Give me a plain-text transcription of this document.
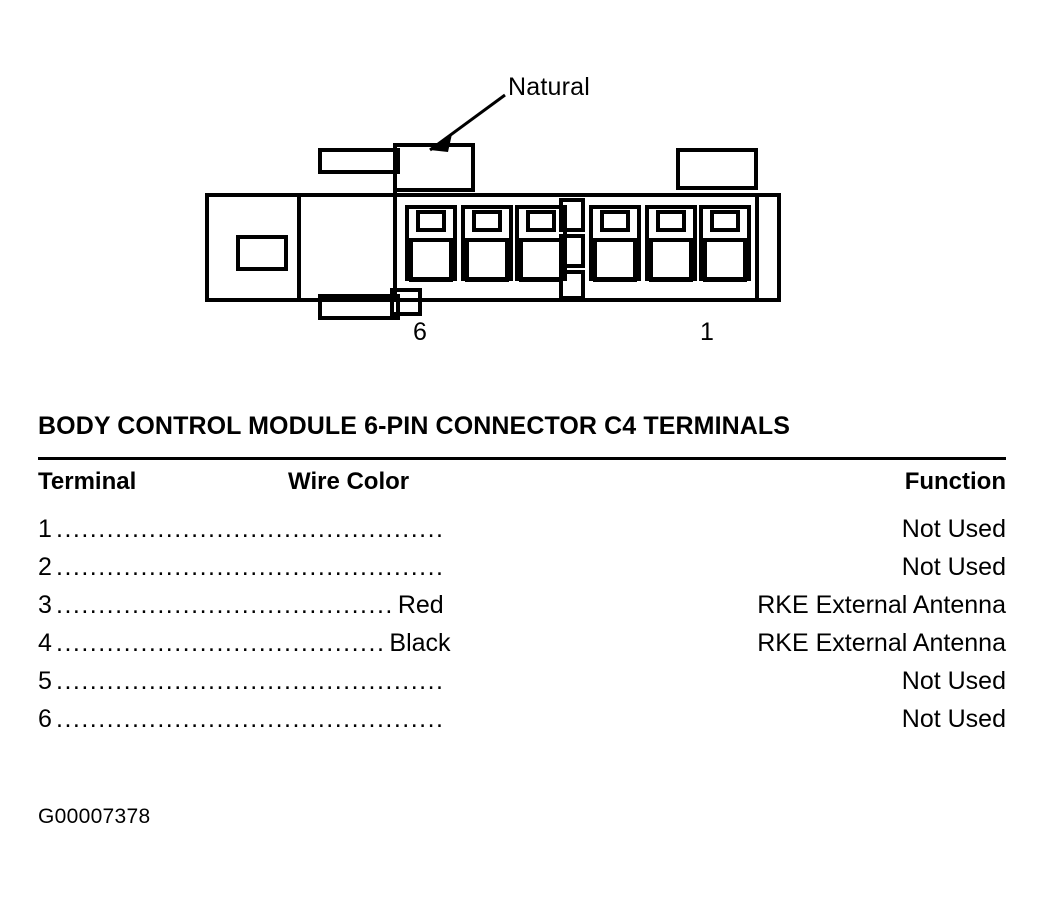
Natural
6	1
BODY CONTROL MODULE 6-PIN CONNECTOR C4 TERMINALS
Terminal	Wire Color	Function
1 ..............................................	Not Used
2 ..............................................	Not Used
3 ........................................ Red	RKE External Antenna
4 ....................................... Black	RKE External Antenna
5 ..............................................	Not Used
6 ..............................................	Not Used
G00007378
